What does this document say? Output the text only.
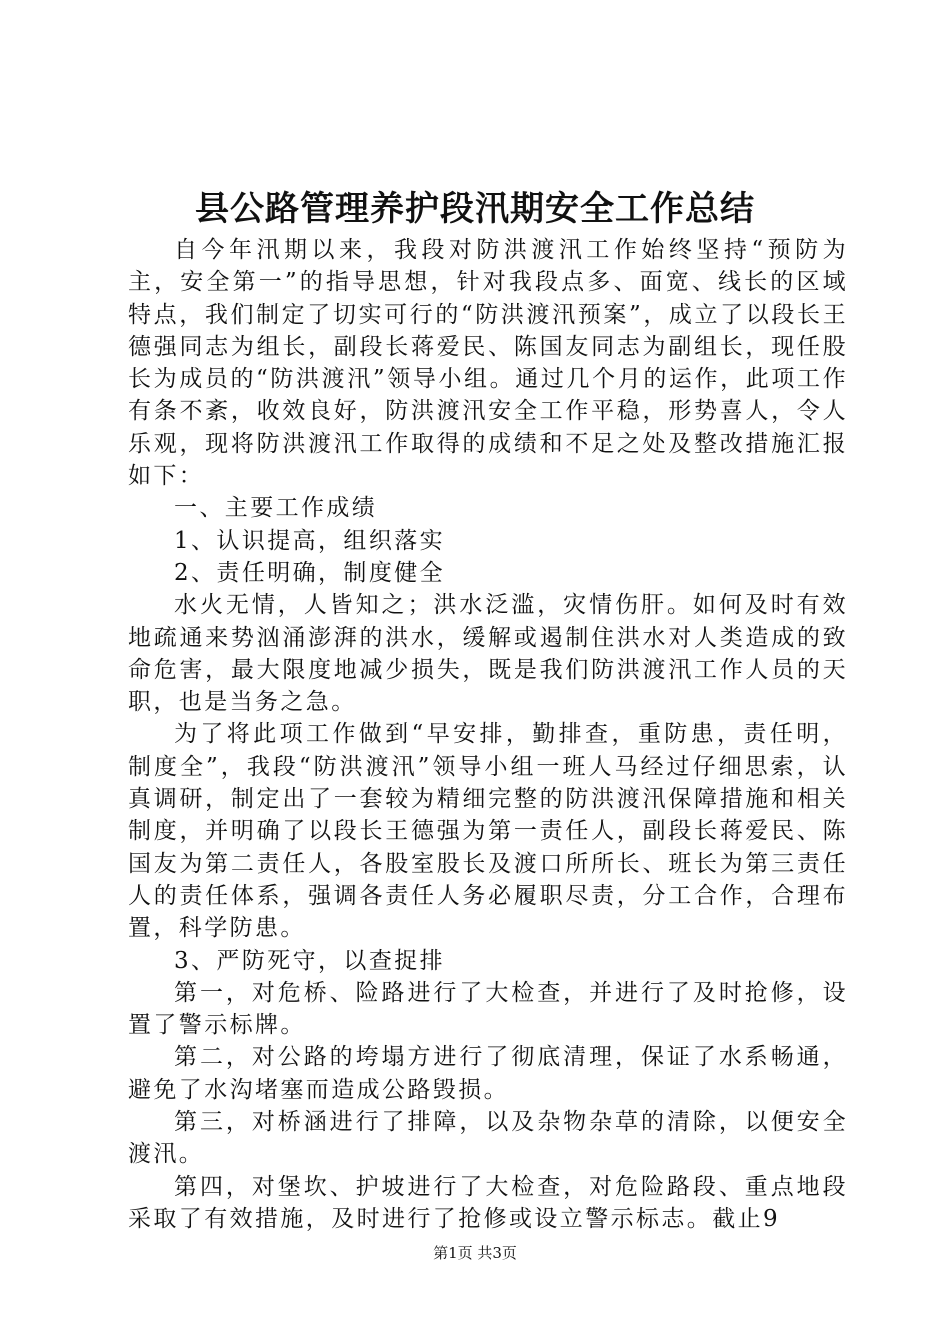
县公路管理养护段汛期安全工作总结

自今年汛期以来，我段对防洪渡汛工作始终坚持“预防为主，安全第一”的指导思想，针对我段点多、面宽、线长的区域特点，我们制定了切实可行的“防洪渡汛预案”，成立了以段长王德强同志为组长，副段长蒋爱民、陈国友同志为副组长，现任股长为成员的“防洪渡汛”领导小组。通过几个月的运作，此项工作有条不紊，收效良好，防洪渡汛安全工作平稳，形势喜人，令人乐观，现将防洪渡汛工作取得的成绩和不足之处及整改措施汇报如下：

一、主要工作成绩

1、认识提高，组织落实

2、责任明确，制度健全

水火无情，人皆知之；洪水泛滥，灾情伤肝。如何及时有效地疏通来势汹涌澎湃的洪水，缓解或遏制住洪水对人类造成的致命危害，最大限度地减少损失，既是我们防洪渡汛工作人员的天职，也是当务之急。

为了将此项工作做到“早安排，勤排查，重防患，责任明，制度全”，我段“防洪渡汛”领导小组一班人马经过仔细思索，认真调研，制定出了一套较为精细完整的防洪渡汛保障措施和相关制度，并明确了以段长王德强为第一责任人，副段长蒋爱民、陈国友为第二责任人，各股室股长及渡口所所长、班长为第三责任人的责任体系，强调各责任人务必履职尽责，分工合作，合理布置，科学防患。

3、严防死守，以查捉排

第一，对危桥、险路进行了大检查，并进行了及时抢修，设置了警示标牌。

第二，对公路的垮塌方进行了彻底清理，保证了水系畅通，避免了水沟堵塞而造成公路毁损。

第三，对桥涵进行了排障，以及杂物杂草的清除，以便安全渡汛。

第四，对堡坎、护坡进行了大检查，对危险路段、重点地段采取了有效措施，及时进行了抢修或设立警示标志。截止9

第1页 共3页
